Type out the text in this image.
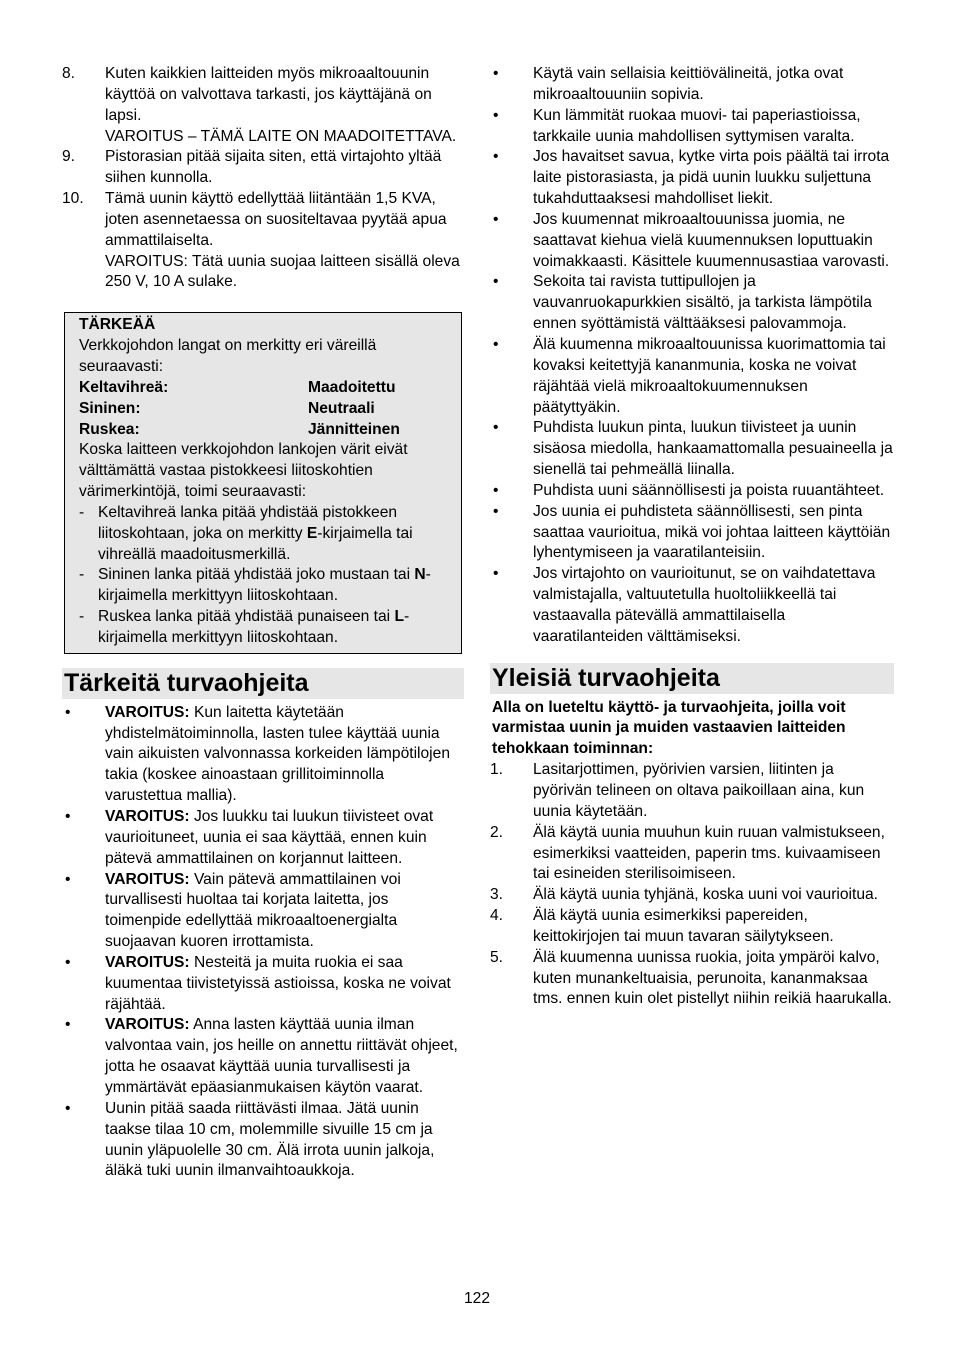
8.	Kuten kaikkien laitteiden myös mikroaaltouunin käyttöä on valvottava tarkasti, jos käyttäjänä on lapsi.

VAROITUS – TÄMÄ LAITE ON MAADOITETTAVA.

9.	Pistorasian pitää sijaita siten, että virtajohto yltää siihen kunnolla.

10.	Tämä uunin käyttö edellyttää liitäntään 1,5 KVA, joten asennetaessa on suositeltavaa pyytää apua ammattilaiselta.

VAROITUS: Tätä uunia suojaa laitteen sisällä oleva 250 V, 10 A sulake.

TÄRKEÄÄ

Verkkojohdon langat on merkitty eri väreillä seuraavasti:

Keltavihreä:	Maadoitettu
Sininen:	Neutraali
Ruskea:	Jännitteinen

Koska laitteen verkkojohdon lankojen värit eivät välttämättä vastaa pistokkeesi liitoskohtien värimerkintöjä, toimi seuraavasti:

- Keltavihreä lanka pitää yhdistää pistokkeen liitoskohtaan, joka on merkitty E-kirjaimella tai vihreällä maadoitusmerkillä.

- Sininen lanka pitää yhdistää joko mustaan tai N-kirjaimella merkittyyn liitoskohtaan.

- Ruskea lanka pitää yhdistää punaiseen tai L-kirjaimella merkittyyn liitoskohtaan.

Tärkeitä turvaohjeita
•	VAROITUS: Kun laitetta käytetään yhdistelmätoiminnolla, lasten tulee käyttää uunia vain aikuisten valvonnassa korkeiden lämpötilojen takia (koskee ainoastaan grillitoiminnolla varustettua mallia).

•	VAROITUS: Jos luukku tai luukun tiivisteet ovat vaurioituneet, uunia ei saa käyttää, ennen kuin pätevä ammattilainen on korjannut laitteen.

•	VAROITUS: Vain pätevä ammattilainen voi turvallisesti huoltaa tai korjata laitetta, jos toimenpide edellyttää mikroaaltoenergialta suojaavan kuoren irrottamista.

•	VAROITUS: Nesteitä ja muita ruokia ei saa kuumentaa tiivistetyissä astioissa, koska ne voivat räjähtää.

•	VAROITUS: Anna lasten käyttää uunia ilman valvontaa vain, jos heille on annettu riittävät ohjeet, jotta he osaavat käyttää uunia turvallisesti ja ymmärtävät epäasianmukaisen käytön vaarat.

•	Uunin pitää saada riittävästi ilmaa. Jätä uunin taakse tilaa 10 cm, molemmille sivuille 15 cm ja uunin yläpuolelle 30 cm. Älä irrota uunin jalkoja, äläkä tuki uunin ilmanvaihtoaukkoja.

•	Käytä vain sellaisia keittiövälineitä, jotka ovat mikroaaltouuniin sopivia.

•	Kun lämmität ruokaa muovi- tai paperiastioissa, tarkkaile uunia mahdollisen syttymisen varalta.

•	Jos havaitset savua, kytke virta pois päältä tai irrota laite pistorasiasta, ja pidä uunin luukku suljettuna tukahduttaaksesi mahdolliset liekit.

•	Jos kuumennat mikroaaltouunissa juomia, ne saattavat kiehua vielä kuumennuksen loputtuakin voimakkaasti. Käsittele kuumennusastiaa varovasti.

•	Sekoita tai ravista tuttipullojen ja vauvanruokapurkkien sisältö, ja tarkista lämpötila ennen syöttämistä välttääksesi palovammoja.

•	Älä kuumenna mikroaaltouunissa kuorimattomia tai kovaksi keitettyjä kananmunia, koska ne voivat räjähtää vielä mikroaaltokuumennuksen päätyttyäkin.

•	Puhdista luukun pinta, luukun tiivisteet ja uunin sisäosa miedolla, hankaamattomalla pesuaineella ja sienellä tai pehmeällä liinalla.

•	Puhdista uuni säännöllisesti ja poista ruuantähteet.

•	Jos uunia ei puhdisteta säännöllisesti, sen pinta saattaa vaurioitua, mikä voi johtaa laitteen käyttöiän lyhentymiseen ja vaaratilanteisiin.

•	Jos virtajohto on vaurioitunut, se on vaihdatettava valmistajalla, valtuutetulla huoltoliikkeellä tai vastaavalla pätevällä ammattilaisella vaaratilanteiden välttämiseksi.

Yleisiä turvaohjeita

Alla on lueteltu käyttö- ja turvaohjeita, joilla voit varmistaa uunin ja muiden vastaavien laitteiden tehokkaan toiminnan:

1.	Lasitarjottimen, pyörivien varsien, liitinten ja pyörivän telineen on oltava paikoillaan aina, kun uunia käytetään.

2.	Älä käytä uunia muuhun kuin ruuan valmistukseen, esimerkiksi vaatteiden, paperin tms. kuivaamiseen tai esineiden sterilisoimiseen.

3.	Älä käytä uunia tyhjänä, koska uuni voi vaurioitua.

4.	Älä käytä uunia esimerkiksi papereiden, keittokirjojen tai muun tavaran säilytykseen.

5.	Älä kuumenna uunissa ruokia, joita ympäröi kalvo, kuten munankeltuaisia, perunoita, kananmaksaa tms. ennen kuin olet pistellyt niihin reikiä haarukalla.

122
